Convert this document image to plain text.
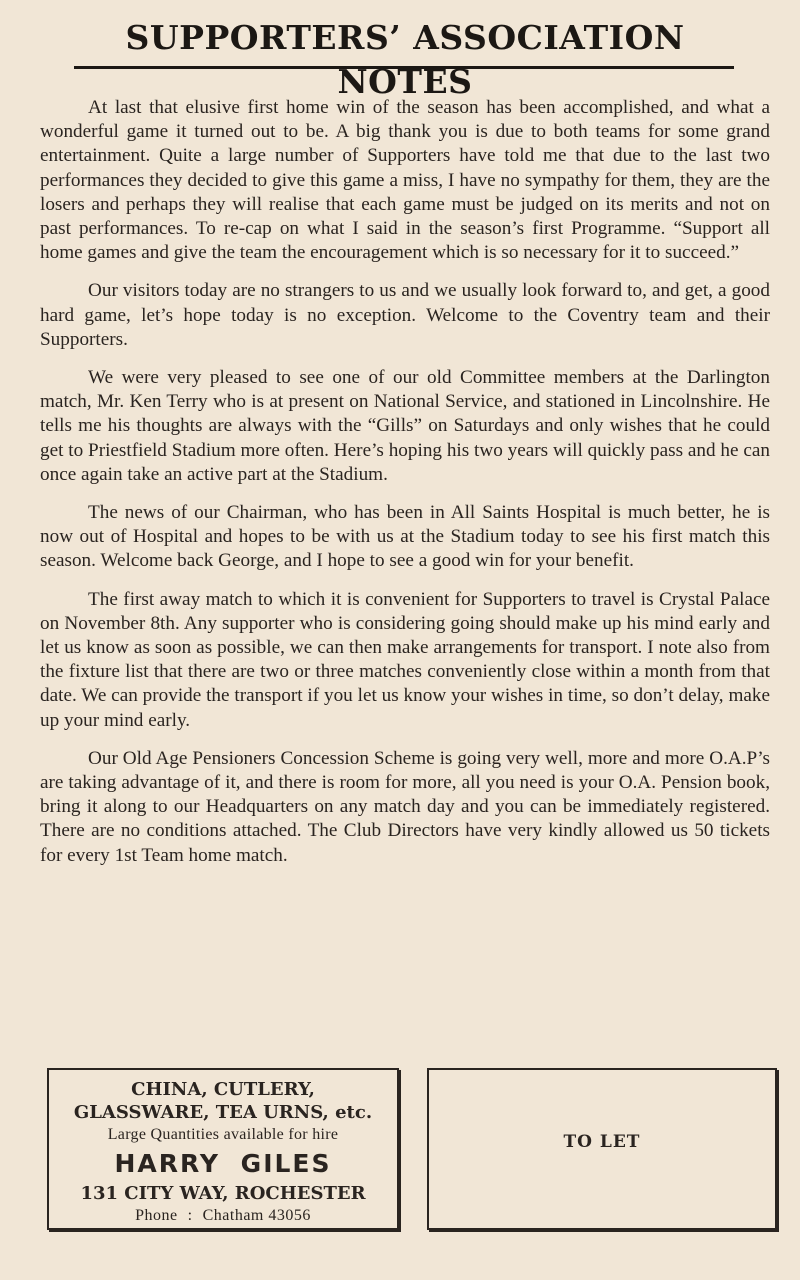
SUPPORTERS’ ASSOCIATION NOTES

At last that elusive first home win of the season has been accomplished, and what a wonderful game it turned out to be. A big thank you is due to both teams for some grand entertainment. Quite a large number of Supporters have told me that due to the last two performances they decided to give this game a miss, I have no sympathy for them, they are the losers and perhaps they will realise that each game must be judged on its merits and not on past performances. To re-cap on what I said in the season’s first Programme. “Support all home games and give the team the encouragement which is so necessary for it to succeed.”

Our visitors today are no strangers to us and we usually look forward to, and get, a good hard game, let’s hope today is no exception. Welcome to the Coventry team and their Supporters.

We were very pleased to see one of our old Committee members at the Darlington match, Mr. Ken Terry who is at present on National Service, and stationed in Lincolnshire. He tells me his thoughts are always with the “Gills” on Saturdays and only wishes that he could get to Priestfield Stadium more often. Here’s hoping his two years will quickly pass and he can once again take an active part at the Stadium.

The news of our Chairman, who has been in All Saints Hospital is much better, he is now out of Hospital and hopes to be with us at the Stadium today to see his first match this season. Welcome back George, and I hope to see a good win for your benefit.

The first away match to which it is convenient for Supporters to travel is Crystal Palace on November 8th. Any supporter who is considering going should make up his mind early and let us know as soon as possible, we can then make arrangements for transport. I note also from the fixture list that there are two or three matches conveniently close within a month from that date. We can provide the transport if you let us know your wishes in time, so don’t delay, make up your mind early.

Our Old Age Pensioners Concession Scheme is going very well, more and more O.A.P’s are taking advantage of it, and there is room for more, all you need is your O.A. Pension book, bring it along to our Headquarters on any match day and you can be immediately registered. There are no conditions attached. The Club Directors have very kindly allowed us 50 tickets for every 1st Team home match.

CHINA, CUTLERY,
GLASSWARE, TEA URNS, etc.
Large Quantities available for hire
HARRY GILES
131 CITY WAY, ROCHESTER
Phone : Chatham 43056
TO LET
